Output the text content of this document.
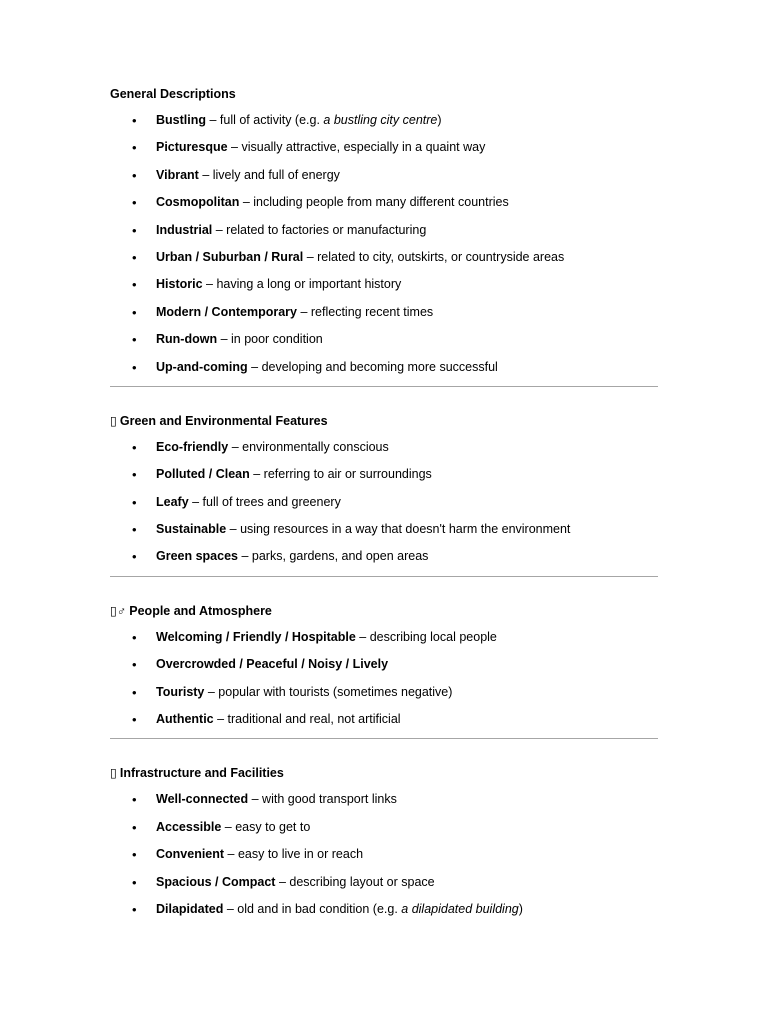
General Descriptions
• Bustling – full of activity (e.g. a bustling city centre)
• Picturesque – visually attractive, especially in a quaint way
• Vibrant – lively and full of energy
• Cosmopolitan – including people from many different countries
• Industrial – related to factories or manufacturing
• Urban / Suburban / Rural – related to city, outskirts, or countryside areas
• Historic – having a long or important history
• Modern / Contemporary – reflecting recent times
• Run-down – in poor condition
• Up-and-coming – developing and becoming more successful
▯ Green and Environmental Features
• Eco-friendly – environmentally conscious
• Polluted / Clean – referring to air or surroundings
• Leafy – full of trees and greenery
• Sustainable – using resources in a way that doesn't harm the environment
• Green spaces – parks, gardens, and open areas
▯♂ People and Atmosphere
• Welcoming / Friendly / Hospitable – describing local people
• Overcrowded / Peaceful / Noisy / Lively
• Touristy – popular with tourists (sometimes negative)
• Authentic – traditional and real, not artificial
▯ Infrastructure and Facilities
• Well-connected – with good transport links
• Accessible – easy to get to
• Convenient – easy to live in or reach
• Spacious / Compact – describing layout or space
• Dilapidated – old and in bad condition (e.g. a dilapidated building)
